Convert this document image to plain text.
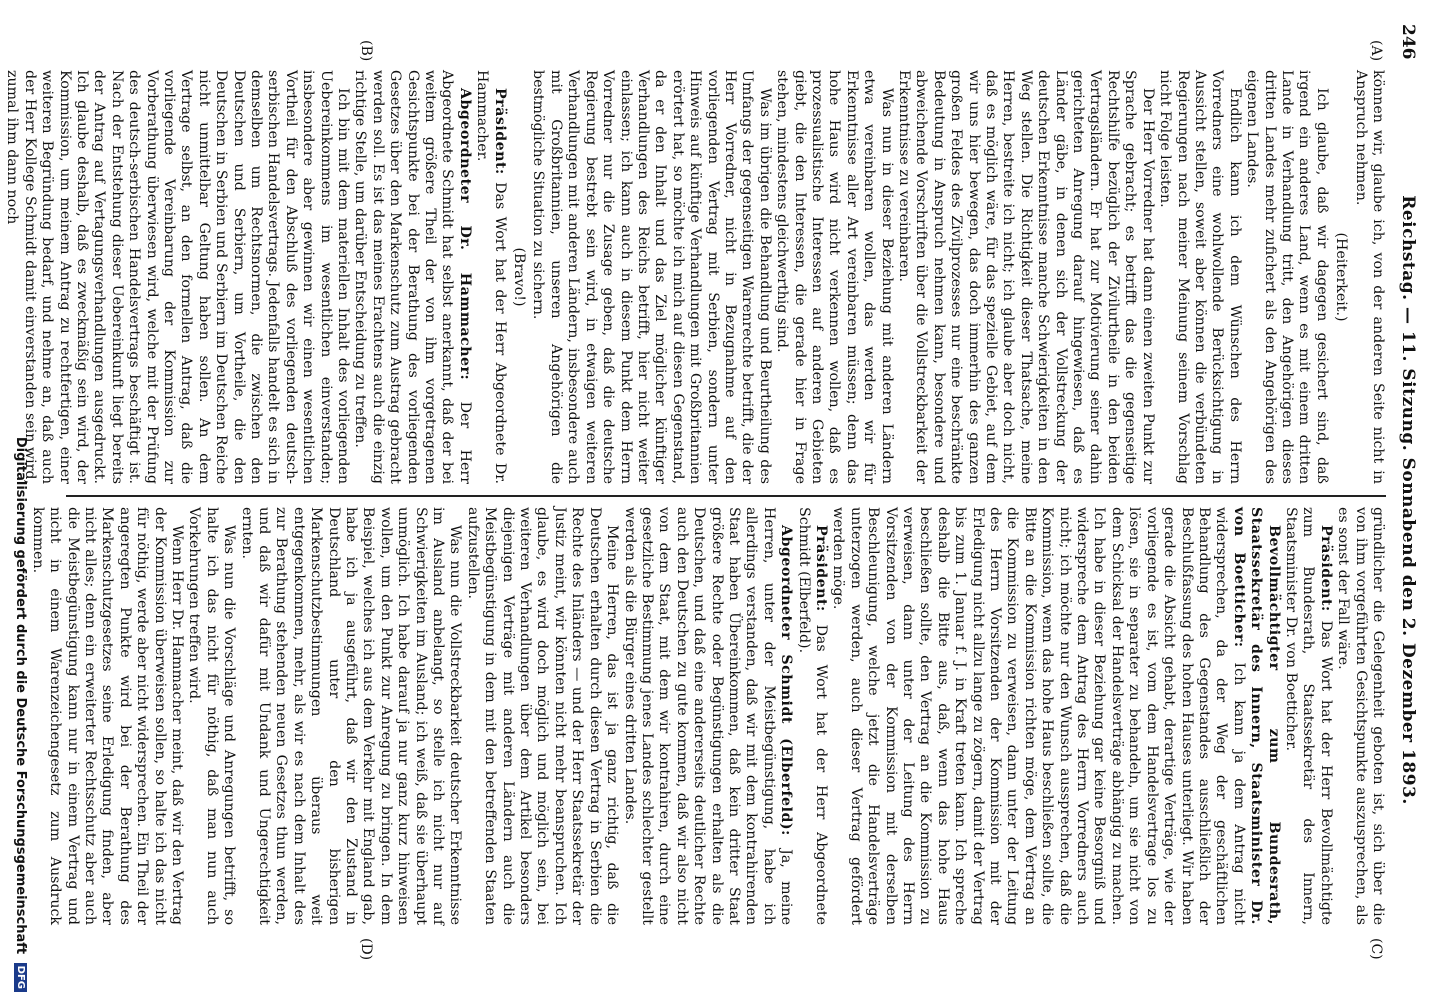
246
Reichstag. — 11. Sitzung. Sonnabend den 2. Dezember 1893.
(A)
(B)
(C)
(D)

können wir, glaube ich, von der anderen Seite nicht in Anspruch nehmen.

(Heiterkeit.)

Ich glaube, daß wir dagegen gesichert sind, daß irgend ein anderes Land, wenn es mit einem dritten Lande in Verhandlung tritt, den Angehörigen dieses dritten Landes mehr zufichert als den Angehörigen des eigenen Landes.

Endlich kann ich dem Wünschen des Herrn Vorredners eine wohlwollende Berücksichtigung in Aussicht stellen, soweit aber können die verbündeten Regierungen nach meiner Meinung seinem Vorschlag nicht Folge leisten.

Der Herr Vorredner hat dann einen zweiten Punkt zur Sprache gebracht; es betrifft das die gegenseitige Rechtshilfe bezüglich der Zivilurtheile in den beiden Vertragsländern. Er hat zur Motivierung seiner dahin gerichteten Anregung darauf hingewiesen, daß es Länder gäbe, in denen sich der Vollstreckung der deutschen Erkenntnisse manche Schwierigkeiten in den Weg stellen. Die Richtigkeit dieser Thatsache, meine Herren, bestreite ich nicht; ich glaube aber doch nicht, daß es möglich wäre, für das spezielle Gebiet, auf dem wir uns hier bewegen, das doch immerhin des ganzen großen Feldes des Zivilprozesses nur eine beschränkte Bedeutung in Anspruch nehmen kann, besondere und abweichende Vorschriften über die Vollstreckbarkeit der Erkenntnisse zu vereinbaren.

Was nun in dieser Beziehung mit anderen Ländern etwa vereinbaren wollen, das werden wir für Erkenntnisse aller Art vereinbaren müssen; denn das hohe Haus wird nicht verkennen wollen, daß es prozessualistische Interessen auf anderen Gebieten giebt, die den Interessen, die gerade hier in Frage stehen, mindestens gleichwerthig sind.

Was im übrigen die Behandlung und Beurtheilung des Umfangs der gegenseitigen Warenrechte betrifft, die der Herr Vorredner, nicht in Bezugnahme auf den vorliegenden Vertrag mit Serbien, sondern unter Hinweis auf künftige Verhandlungen mit Großbritannien erörtert hat, so möchte ich mich auf diesen Gegenstand, da er den Inhalt und das Ziel möglicher künftiger Verhandlungen des Reichs betrifft, hier nicht weiter einlassen; ich kann auch in diesem Punkt dem Herrn Vorredner nur die Zusage geben, daß die deutsche Regierung bestrebt sein wird, in etwaigen weiteren Verhandlungen mit anderen Ländern, insbesondere auch mit Großbritannien, unseren Angehörigen die bestmögliche Situation zu sichern.

(Bravo!)

Präsident: Das Wort hat der Herr Abgeordnete Dr. Hammacher.

Abgeordneter Dr. Hammacher: Der Herr Abgeordnete Schmidt hat selbst anerkannt, daß der bei weitem größere Theil der von ihm vorgetragenen Gesichtspunkte bei der Berathung des vorliegenden Gesetzes über den Markenschutz zum Austrag gebracht werden soll. Es ist das meines Erachtens auch die einzig richtige Stelle, um darüber Entscheidung zu treffen.

Ich bin mit dem materiellen Inhalt des vorliegenden Uebereinkommens im wesentlichen einverstanden; insbesondere aber gewinnen wir einen wesentlichen Vortheil für den Abschluß des vorliegenden deutsch-serbischen Handelsvertrags. Jedenfalls handelt es sich in demselben um Rechtsnormen, die zwischen den Deutschen und Serbiern, um Vortheile, die den Deutschen in Serbien und Serbiern im Deutschen Reiche nicht unmittelbar Geltung haben sollen. An dem Vertrage selbst, an den formellen Antrag, daß die vorliegende Vereinbarung der Kommission zur Vorberathung überwiesen wird, welche mit der Prüfung des deutsch-serbischen Handelsvertrags beschäftigt ist. Nach der Entstehung dieser Uebereinkunft liegt bereits der Antrag auf Vertagungsverhandlungen ausgedruckt. Ich glaube deshalb, daß es zweckmäßig sein wird, der Kommission, um meinem Antrag zu rechtfertigen, einer weiteren Begründung bedarf, und nehme an, daß auch der Herr Kollege Schmidt damit einverstanden sein wird, zumal ihm dann noch

gründlicher die Gelegenheit geboten ist, sich über die von ihm vorgeführten Gesichtspunkte auszusprechen, als es sonst der Fall wäre.

Präsident: Das Wort hat der Herr Bevollmächtigte zum Bundesrath, Staatssekretär des Innern, Staatsminister Dr. von Boetticher.

Bevollmächtigter zum Bundesrath, Staatssekretär des Innern, Staatsminister Dr. von Boetticher: Ich kann ja dem Antrag nicht widersprechen, da der Weg der geschäftlichen Behandlung des Gegenstandes ausschließlich der Beschlußfassung des hohen Hauses unterliegt. Wir haben gerade die Absicht gehabt, derartige Verträge, wie der vorliegende es ist, vom dem Handelsvertrage los zu lösen, sie in separater zu behandeln, um sie nicht von dem Schicksal der Handelsverträge abhängig zu machen. Ich habe in dieser Beziehung gar keine Besorgniß und widerspreche dem Antrag des Herrn Vorredners auch nicht; ich möchte nur den Wunsch aussprechen, daß die Kommission, wenn das hohe Haus beschließen sollte, die Bitte an die Kommission richten möge, dem Vertrag an die Kommission zu verweisen, dann unter der Leitung des Herrn Vorsitzenden der Kommission mit der Erledigung nicht allzu lange zu zögern, damit der Vertrag bis zum 1. Januar f. J. in Kraft treten kann. Ich spreche deshalb die Bitte aus, daß, wenn das hohe Haus beschließen sollte, den Vertrag an die Kommission zu verweisen, dann unter der Leitung des Herrn Vorsitzenden von der Kommission mit derselben Beschleunigung, welche jetzt die Handelsverträge unterzogen werden, auch dieser Vertrag gefördert werden möge.

Präsident: Das Wort hat der Herr Abgeordnete Schmidt (Elberfeld).

Abgeordneter Schmidt (Elberfeld): Ja, meine Herren, unter der Meistbegünstigung, habe ich allerdings verstanden, daß wir mit dem kontrahirenden Staat haben Übereinkommen, daß kein dritter Staat größere Rechte oder Begünstigungen erhalten als die Deutschen, und daß eine andererseits deutlicher Rechte auch den Deutschen zu gute kommen, daß wir also nicht von dem Staat, mit dem wir kontrahiren, durch eine gesetzliche Bestimmung jenes Landes schlechter gestellt werden als die Bürger eines dritten Landes.

Meine Herren, das ist ja ganz richtig, daß die Deutschen erhalten durch diesen Vertrag in Serbien die Rechte des Inländers — und der Herr Staatssekretär der Justiz meint, wir könnten nicht mehr beanspruchen. Ich glaube, es wird doch möglich und möglich sein, bei weiteren Verhandlungen über dem Artikel besonders diejenigen Verträge mit anderen Ländern auch die Meistbegünstigung in dem mit den betreffenden Staaten aufzustellen.

Was nun die Vollstreckbarkeit deutscher Erkenntnisse im Ausland anbelangt, so stelle ich nicht nur auf Schwierigkeiten im Ausland; ich weiß, daß sie überhaupt unmöglich. Ich habe darauf ja nur ganz kurz hinweisen wollen, um den Punkt zur Anregung zu bringen. In dem Beispiel, welches ich aus dem Verkehr mit England gab, habe ich ja ausgeführt, daß wir den Zustand in Deutschland unter den bisherigen Markenschutzbestimmungen überaus weit entgegenkommen, mehr, als wir es nach dem Inhalt des zur Berathung stehenden neuen Gesetzes thun werden, und daß wir dafür mit Undank und Ungerechtigkeit ernten.

Was nun die Vorschläge und Anregungen betrifft, so halte ich das nicht für nöthig, daß man nun auch Vorkehrungen treffen wird.

Wenn Herr Dr. Hammacher meint, daß wir den Vertrag der Kommission überweisen sollen, so halte ich das nicht für nöthig, werde aber nicht widersprechen. Ein Theil der angeregten Punkte wird bei der Berathung des Markenschutzgesetzes seine Erledigung finden, aber nicht alles; denn ein erweiterter Rechtsschutz aber auch die Meistbegünstigung kann nur in einem Vertrag und nicht in einem Warenzeichengesetz zum Ausdruck kommen.

Digitalisierung gefördert durch die Deutsche Forschungsgemeinschaft DFG
